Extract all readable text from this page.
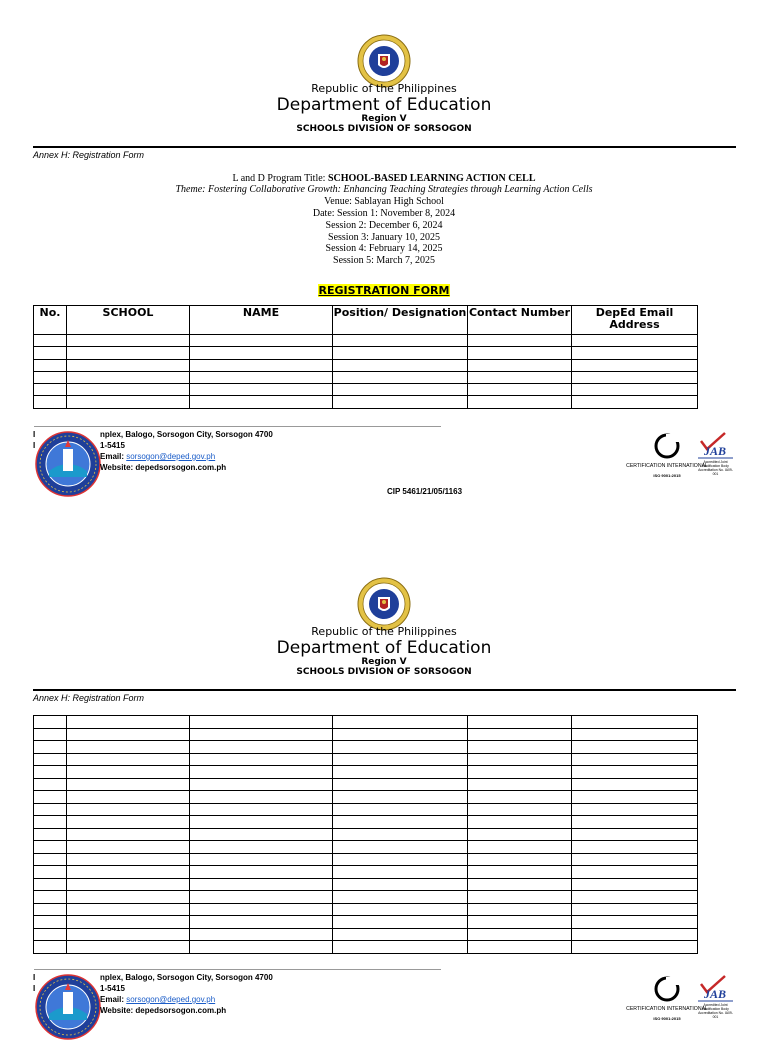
Republic of the Philippines
Department of Education
Region V
SCHOOLS DIVISION OF SORSOGON
Annex H: Registration Form
L and D Program Title: SCHOOL-BASED LEARNING ACTION CELL
Theme: Fostering Collaborative Growth: Enhancing Teaching Strategies through Learning Action Cells
Venue: Sablayan High School
Date: Session 1: November 8, 2024
Session 2: December 6, 2024
Session 3: January 10, 2025
Session 4: February 14, 2025
Session 5: March 7, 2025
REGISTRATION FORM
No.	SCHOOL	NAME	Position/ Designation	Contact Number	DepEd Email Address

I
I
nplex, Balogo, Sorsogon City, Sorsogon 4700
1-5415
Email: sorsogon@deped.gov.ph
Website: depedsorsogon.com.ph
CIP 5461/21/05/1163
CERTIFICATION INTERNATIONAL
ISO 9001:2015
JAB
Accredited Joint Certification Body Accreditation No. IA09-001
Republic of the Philippines
Department of Education
Region V
SCHOOLS DIVISION OF SORSOGON
Annex H: Registration Form

I
I
nplex, Balogo, Sorsogon City, Sorsogon 4700
1-5415
Email: sorsogon@deped.gov.ph
Website: depedsorsogon.com.ph	CERTIFICATION INTERNATIONAL
ISO 9001:2015
JAB
Accredited Joint Certification Body Accreditation No. IA09-001
